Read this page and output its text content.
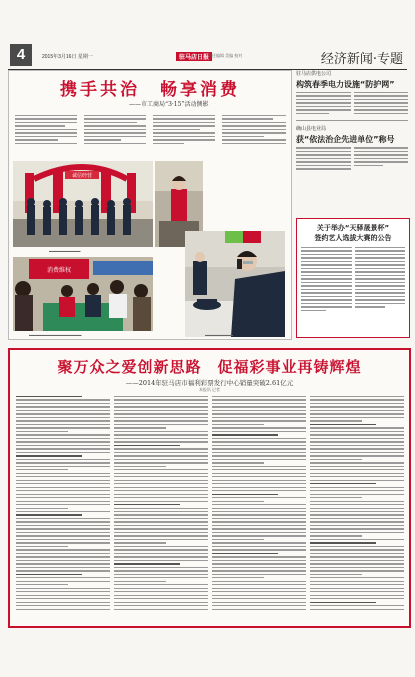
4	2015年3月16日 星期一	驻马店日报
责任编辑 美编 校对	经济新闻·专题
携手共治　畅享消费
——市工商局“3·15”活动侧影
诚信经营
▬▬▬▬▬▬▬▬▬
消费维权
▬▬▬▬▬▬▬▬▬▬▬▬▬▬▬	▬▬▬▬▬▬▬▬
驻马店供电公司
构筑春季电力设施“防护网”
确山县电业局
获“依法治企先进单位”称号
关于举办“天驿晟景杯”
签约艺人选拔大赛的公告
聚万众之爱创新思路　促福彩事业再铸辉煌
——2014年驻马店市福利彩票发行中心销量突破2.61亿元
本报讯 记者
